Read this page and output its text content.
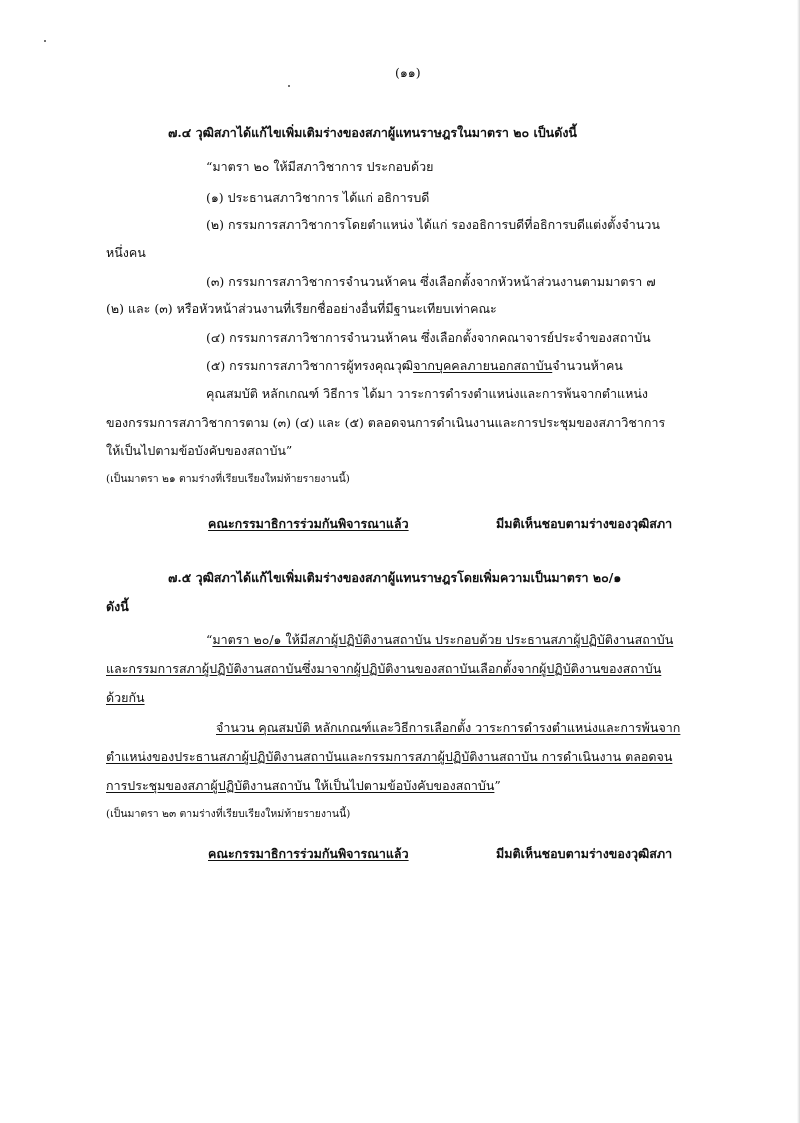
(๑๑)
๗.๔ วุฒิสภาได้แก้ไขเพิ่มเติมร่างของสภาผู้แทนราษฎรในมาตรา ๒๐ เป็นดังนี้
“มาตรา ๒๐ ให้มีสภาวิชาการ ประกอบด้วย
(๑) ประธานสภาวิชาการ ได้แก่ อธิการบดี
(๒) กรรมการสภาวิชาการโดยตำแหน่ง ได้แก่ รองอธิการบดีที่อธิการบดีแต่งตั้งจำนวน
หนึ่งคน
(๓) กรรมการสภาวิชาการจำนวนห้าคน ซึ่งเลือกตั้งจากหัวหน้าส่วนงานตามมาตรา ๗
(๒) และ (๓) หรือหัวหน้าส่วนงานที่เรียกชื่ออย่างอื่นที่มีฐานะเทียบเท่าคณะ
(๔) กรรมการสภาวิชาการจำนวนห้าคน ซึ่งเลือกตั้งจากคณาจารย์ประจำของสถาบัน
(๕) กรรมการสภาวิชาการผู้ทรงคุณวุฒิจากบุคคลภายนอกสถาบันจำนวนห้าคน
คุณสมบัติ หลักเกณฑ์ วิธีการ ได้มา วาระการดำรงตำแหน่งและการพ้นจากตำแหน่ง
ของกรรมการสภาวิชาการตาม (๓) (๔) และ (๕) ตลอดจนการดำเนินงานและการประชุมของสภาวิชาการ
ให้เป็นไปตามข้อบังคับของสถาบัน”
(เป็นมาตรา ๒๑ ตามร่างที่เรียบเรียงใหม่ท้ายรายงานนี้)
คณะกรรมาธิการร่วมกันพิจารณาแล้ว	มีมติเห็นชอบตามร่างของวุฒิสภา
๗.๕ วุฒิสภาได้แก้ไขเพิ่มเติมร่างของสภาผู้แทนราษฎรโดยเพิ่มความเป็นมาตรา ๒๐/๑
ดังนี้
“มาตรา ๒๐/๑ ให้มีสภาผู้ปฏิบัติงานสถาบัน ประกอบด้วย ประธานสภาผู้ปฏิบัติงานสถาบัน
และกรรมการสภาผู้ปฏิบัติงานสถาบันซึ่งมาจากผู้ปฏิบัติงานของสถาบันเลือกตั้งจากผู้ปฏิบัติงานของสถาบัน
ด้วยกัน
จำนวน คุณสมบัติ หลักเกณฑ์และวิธีการเลือกตั้ง วาระการดำรงตำแหน่งและการพ้นจาก
ตำแหน่งของประธานสภาผู้ปฏิบัติงานสถาบันและกรรมการสภาผู้ปฏิบัติงานสถาบัน การดำเนินงาน ตลอดจน
การประชุมของสภาผู้ปฏิบัติงานสถาบัน ให้เป็นไปตามข้อบังคับของสถาบัน”
(เป็นมาตรา ๒๓ ตามร่างที่เรียบเรียงใหม่ท้ายรายงานนี้)
คณะกรรมาธิการร่วมกันพิจารณาแล้ว	มีมติเห็นชอบตามร่างของวุฒิสภา
